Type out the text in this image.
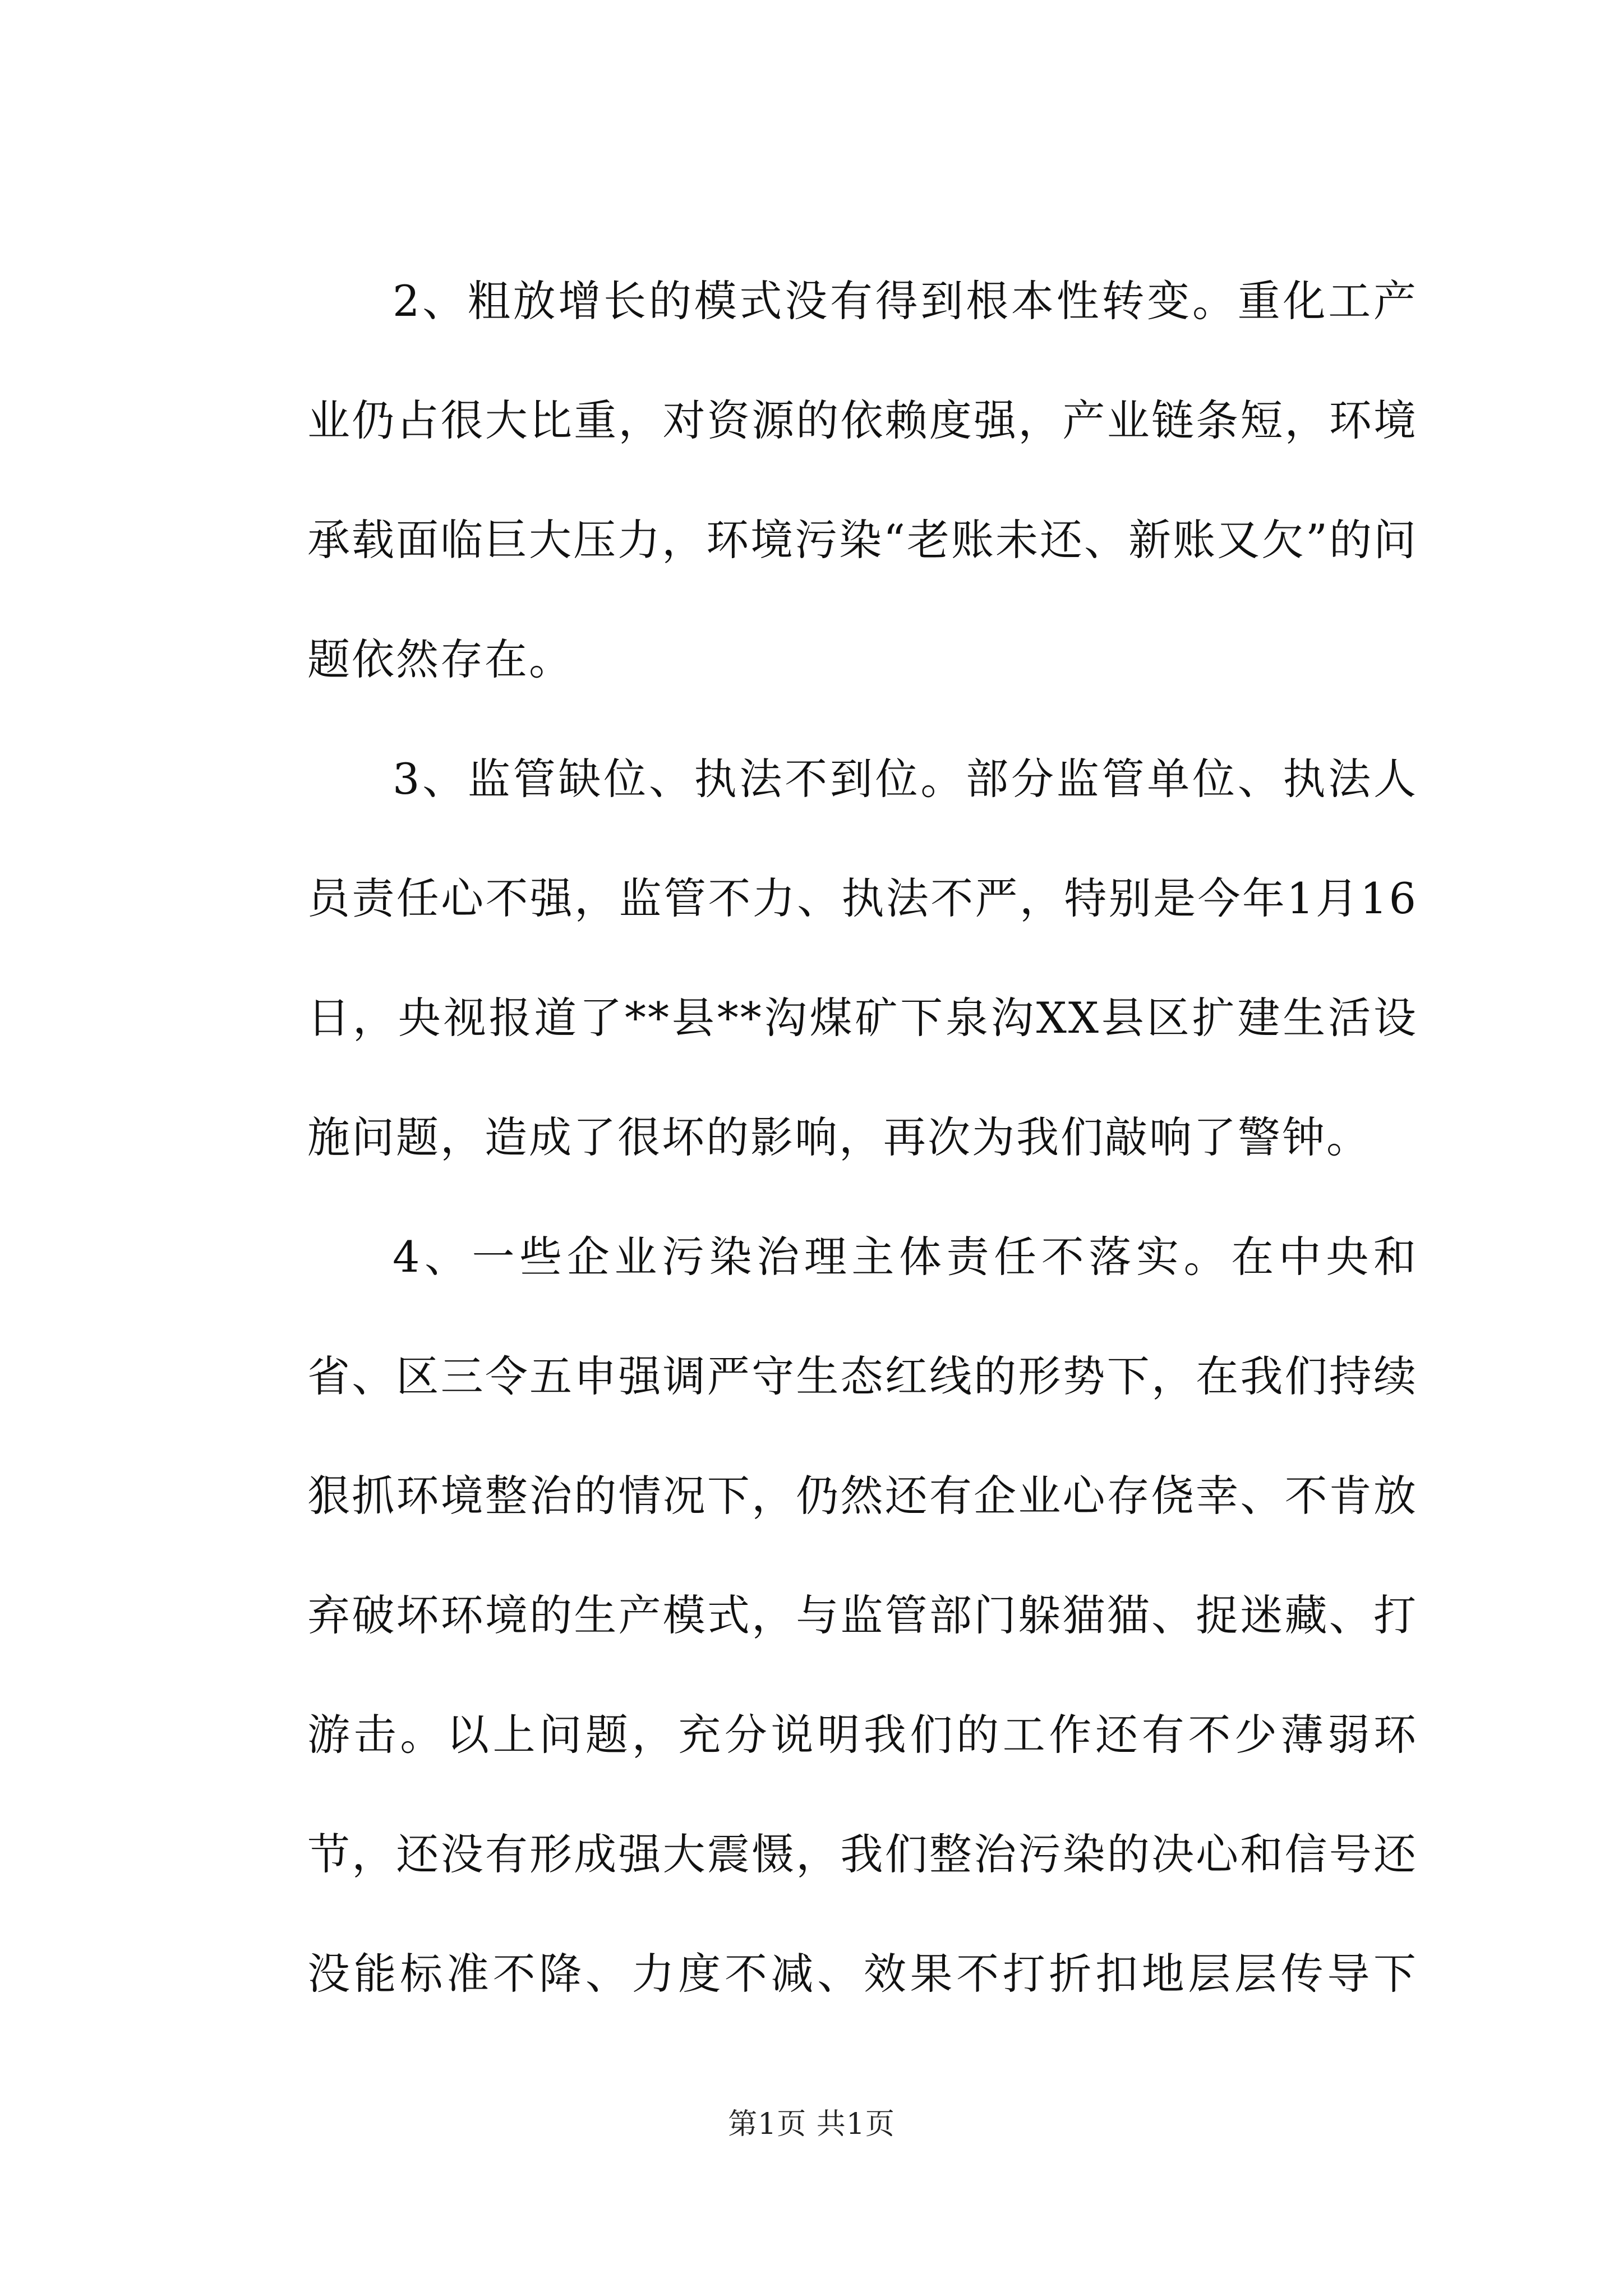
2、粗放增长的模式没有得到根本性转变。重化工产业仍占很大比重，对资源的依赖度强，产业链条短，环境承载面临巨大压力，环境污染“老账未还、新账又欠”的问题依然存在。

3、监管缺位、执法不到位。部分监管单位、执法人员责任心不强，监管不力、执法不严，特别是今年1月16日，央视报道了**县**沟煤矿下泉沟XX县区扩建生活设施问题，造成了很坏的影响，再次为我们敲响了警钟。

4、一些企业污染治理主体责任不落实。在中央和省、区三令五申强调严守生态红线的形势下，在我们持续狠抓环境整治的情况下，仍然还有企业心存侥幸、不肯放弃破坏环境的生产模式，与监管部门躲猫猫、捉迷藏、打游击。以上问题，充分说明我们的工作还有不少薄弱环节，还没有形成强大震慑，我们整治污染的决心和信号还没能标准不降、力度不减、效果不打折扣地层层传导下

第1页 共1页
